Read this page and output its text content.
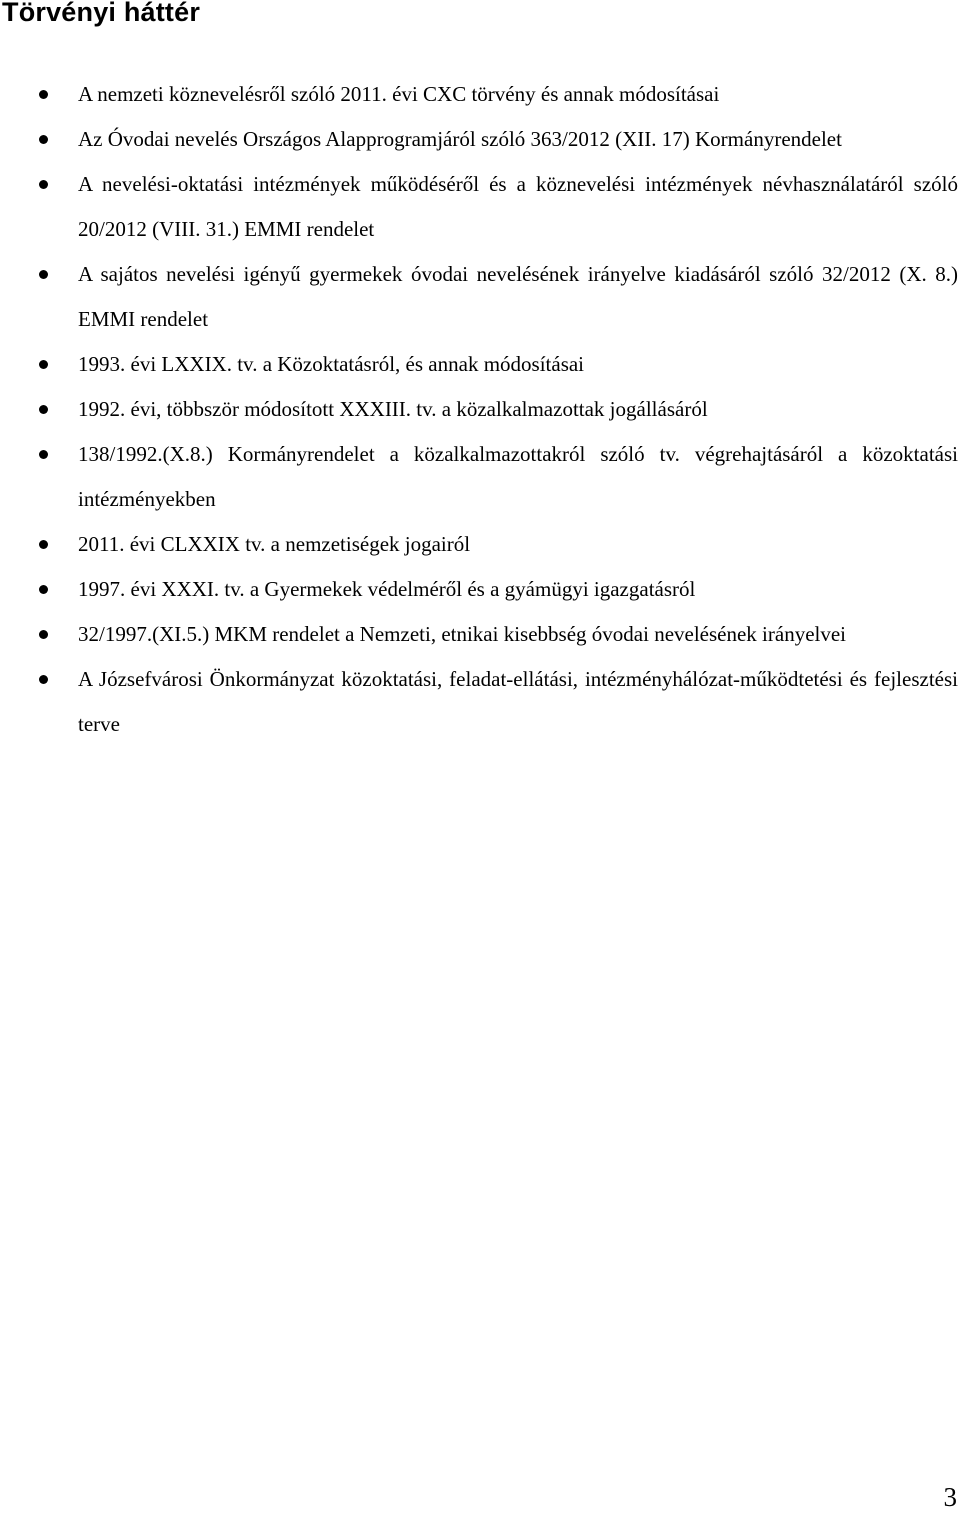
Törvényi háttér
A nemzeti köznevelésről szóló 2011. évi CXC törvény és annak módosításai
Az Óvodai nevelés Országos Alapprogramjáról szóló 363/2012 (XII. 17) Kormányrendelet
A nevelési-oktatási intézmények működéséről és a köznevelési intézmények névhasználatáról szóló 20/2012 (VIII. 31.) EMMI rendelet
A sajátos nevelési igényű gyermekek óvodai nevelésének irányelve kiadásáról szóló 32/2012 (X. 8.) EMMI rendelet
1993. évi LXXIX. tv. a Közoktatásról, és annak módosításai
1992. évi, többször módosított XXXIII. tv. a közalkalmazottak jogállásáról
138/1992.(X.8.) Kormányrendelet a közalkalmazottakról szóló tv. végrehajtásáról a közoktatási intézményekben
2011. évi CLXXIX tv. a nemzetiségek jogairól
1997. évi XXXI. tv. a Gyermekek védelméről és a gyámügyi igazgatásról
32/1997.(XI.5.) MKM rendelet a Nemzeti, etnikai kisebbség óvodai nevelésének irányelvei
A Józsefvárosi Önkormányzat közoktatási, feladat-ellátási, intézményhálózat-működtetési és fejlesztési terve
3
